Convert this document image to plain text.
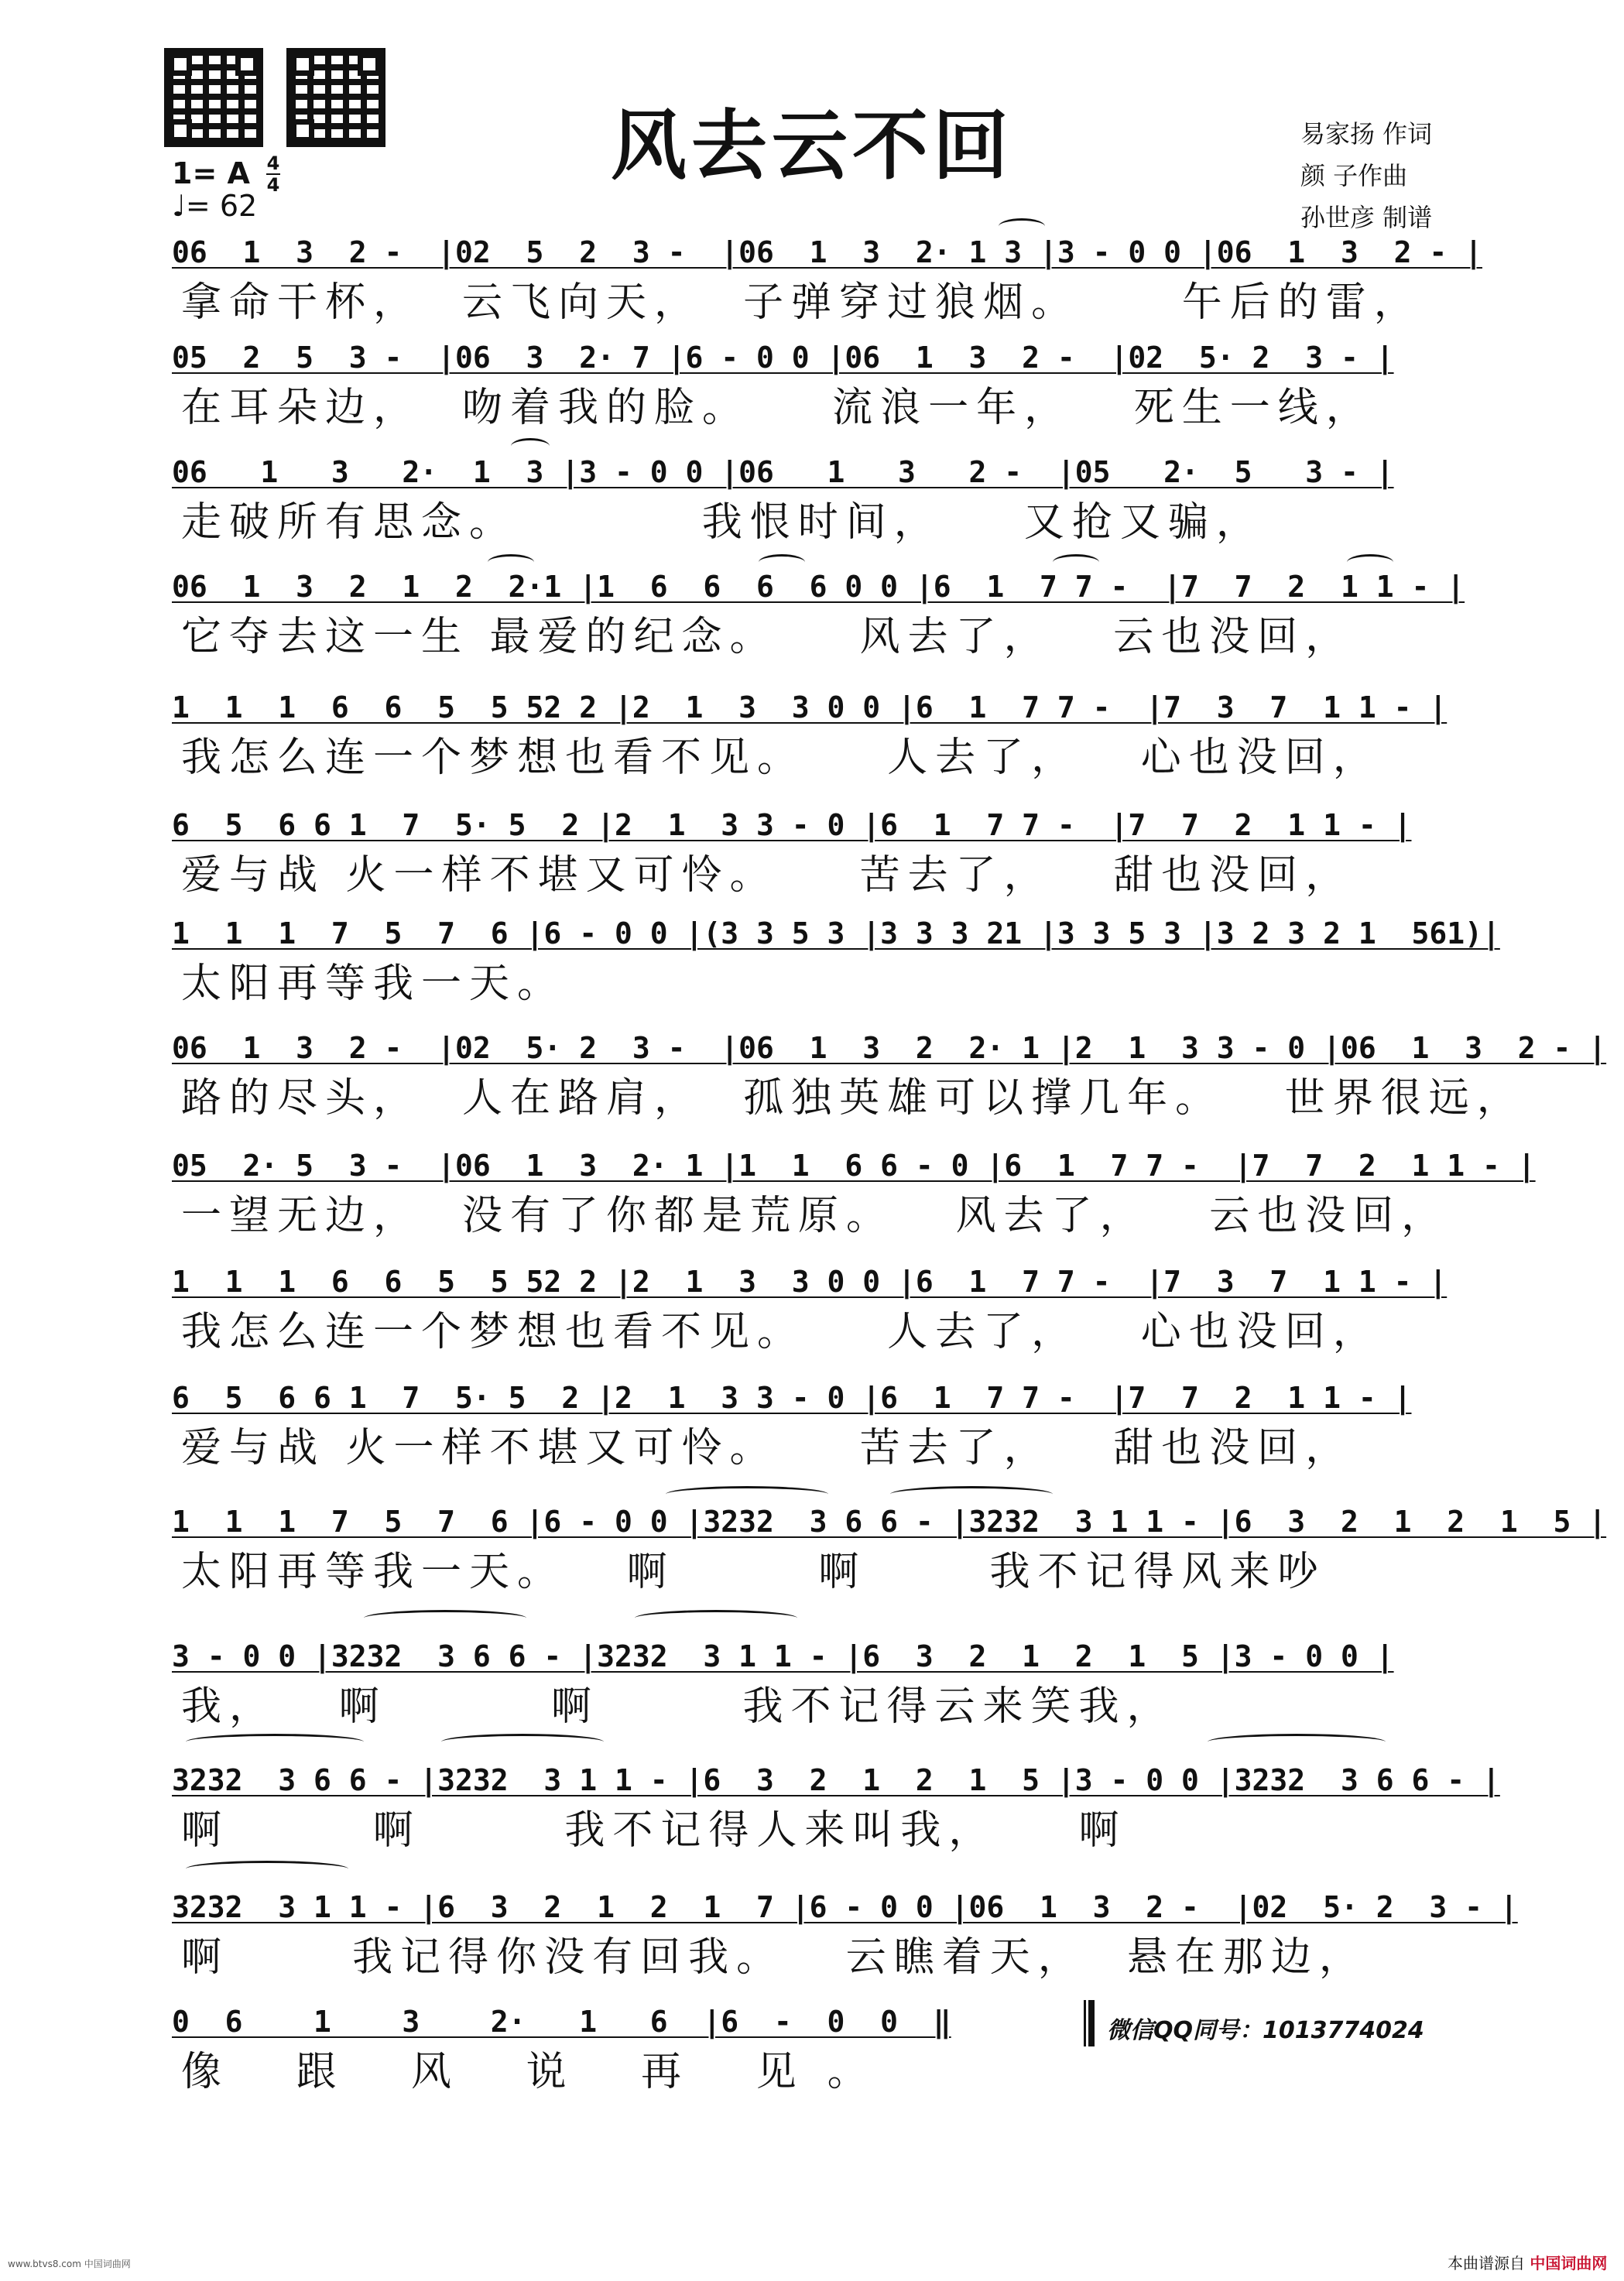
风去云不回	易家扬 作词
颜 子作曲
孙世彦 制谱
1= A 4
4
♩= 62
06  1  3  2 -  |02  5  2  3 -  |06  1  3  2· 1 3 |3 - 0 0 |06  1  3  2 - |
拿命干杯，  云飞向天，  子弹穿过狼烟。     午后的雷，
05  2  5  3 -  |06  3  2· 7 |6 - 0 0 |06  1  3  2 -  |02  5· 2  3 - |
在耳朵边，  吻着我的脸。    流浪一年，   死生一线，
06   1   3   2·  1  3 |3 - 0 0 |06   1   3   2 -  |05   2·  5   3 - |
走破所有思念。         我恨时间，    又抢又骗，
06  1  3  2  1  2  2·1 |1  6  6  6  6 0 0 |6  1  7 7 -  |7  7  2  1 1 - |
它夺去这一生 最爱的纪念。    风去了，   云也没回，
1  1  1  6  6  5  5 52 2 |2  1  3  3 0 0 |6  1  7 7 -  |7  3  7  1 1 - |
我怎么连一个梦想也看不见。    人去了，   心也没回，
6  5  6 6 1  7  5· 5  2 |2  1  3 3 - 0 |6  1  7 7 -  |7  7  2  1 1 - |
爱与战 火一样不堪又可怜。    苦去了，   甜也没回，
1  1  1  7  5  7  6 |6 - 0 0 |(3 3 5 3 |3 3 3 21 |3 3 5 3 |3 2 3 2 1  561)|
太阳再等我一天。
06  1  3  2 -  |02  5· 2  3 -  |06  1  3  2  2· 1 |2  1  3 3 - 0 |06  1  3  2 - |
路的尽头，  人在路肩，  孤独英雄可以撑几年。   世界很远，
05  2· 5  3 -  |06  1  3  2· 1 |1  1  6 6 - 0 |6  1  7 7 -  |7  7  2  1 1 - |
一望无边，  没有了你都是荒原。   风去了，   云也没回，
1  1  1  6  6  5  5 52 2 |2  1  3  3 0 0 |6  1  7 7 -  |7  3  7  1 1 - |
我怎么连一个梦想也看不见。    人去了，   心也没回，
6  5  6 6 1  7  5· 5  2 |2  1  3 3 - 0 |6  1  7 7 -  |7  7  2  1 1 - |
爱与战 火一样不堪又可怜。    苦去了，   甜也没回，
1  1  1  7  5  7  6 |6 - 0 0 |3232  3 6 6 - |3232  3 1 1 - |6  3  2  1  2  1  5 |
太阳再等我一天。   啊       啊      我不记得风来吵
3 - 0 0 |3232  3 6 6 - |3232  3 1 1 - |6  3  2  1  2  1  5 |3 - 0 0 |
我，   啊        啊       我不记得云来笑我，
3232  3 6 6 - |3232  3 1 1 - |6  3  2  1  2  1  5 |3 - 0 0 |3232  3 6 6 - |
啊       啊       我不记得人来叫我，    啊
3232  3 1 1 - |6  3  2  1  2  1  7 |6 - 0 0 |06  1  3  2 -  |02  5· 2  3 - |
啊      我记得你没有回我。   云瞧着天，  悬在那边，
0  6    1    3    2·   1   6  |6  -  0  0  ‖
像 跟 风 说 再 见。
微信QQ同号：1013774024
www.btvs8.com 中国词曲网	本曲谱源自 中国词曲网
